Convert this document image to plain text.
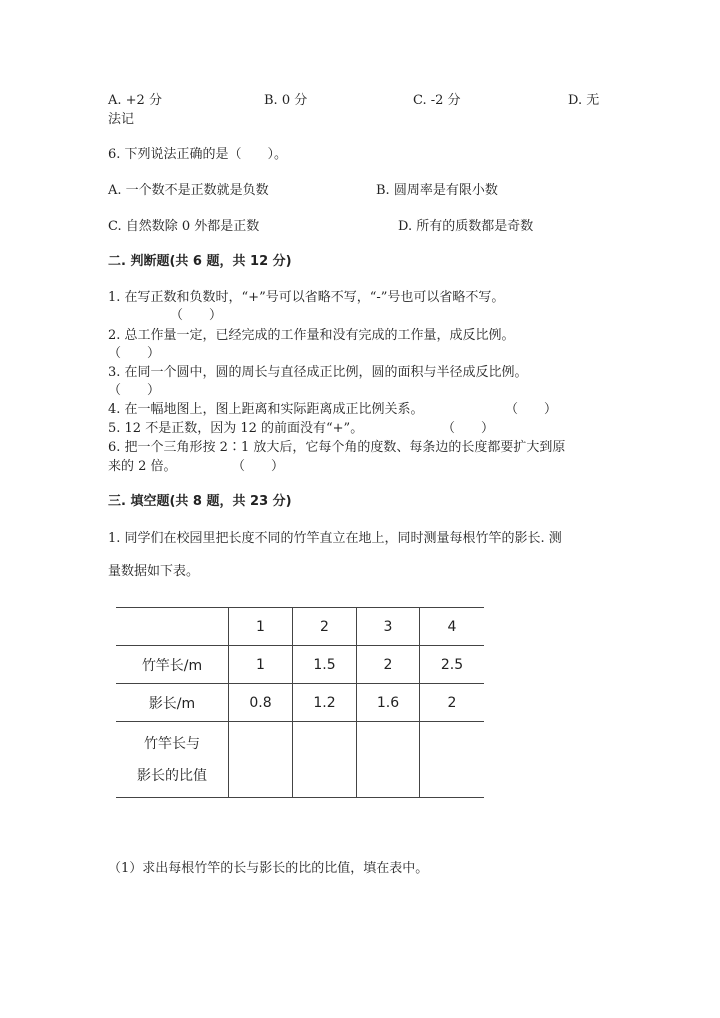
A. +2 分	B. 0 分	C. -2 分	D. 无
法记
6. 下列说法正确的是（　　）。
A. 一个数不是正数就是负数	B. 圆周率是有限小数
C. 自然数除 0 外都是正数	D. 所有的质数都是奇数
二. 判断题(共 6 题，共 12 分)
1. 在写正数和负数时，“+”号可以省略不写，“-”号也可以省略不写。
（　　）
2. 总工作量一定，已经完成的工作量和没有完成的工作量，成反比例。
（　　）
3. 在同一个圆中，圆的周长与直径成正比例，圆的面积与半径成反比例。
（　　）
4. 在一幅地图上，图上距离和实际距离成正比例关系。	（　　）
5. 12 不是正数，因为 12 的前面没有“+”。	（　　）
6. 把一个三角形按 2∶1 放大后，它每个角的度数、每条边的长度都要扩大到原
来的 2 倍。	（　　）
三. 填空题(共 8 题，共 23 分)
1. 同学们在校园里把长度不同的竹竿直立在地上，同时测量每根竹竿的影长. 测
量数据如下表。
	1	2	3	4
竹竿长/m	1	1.5	2	2.5
影长/m	0.8	1.2	1.6	2

竹竿长与
影长的比值				

（1）求出每根竹竿的长与影长的比的比值，填在表中。
